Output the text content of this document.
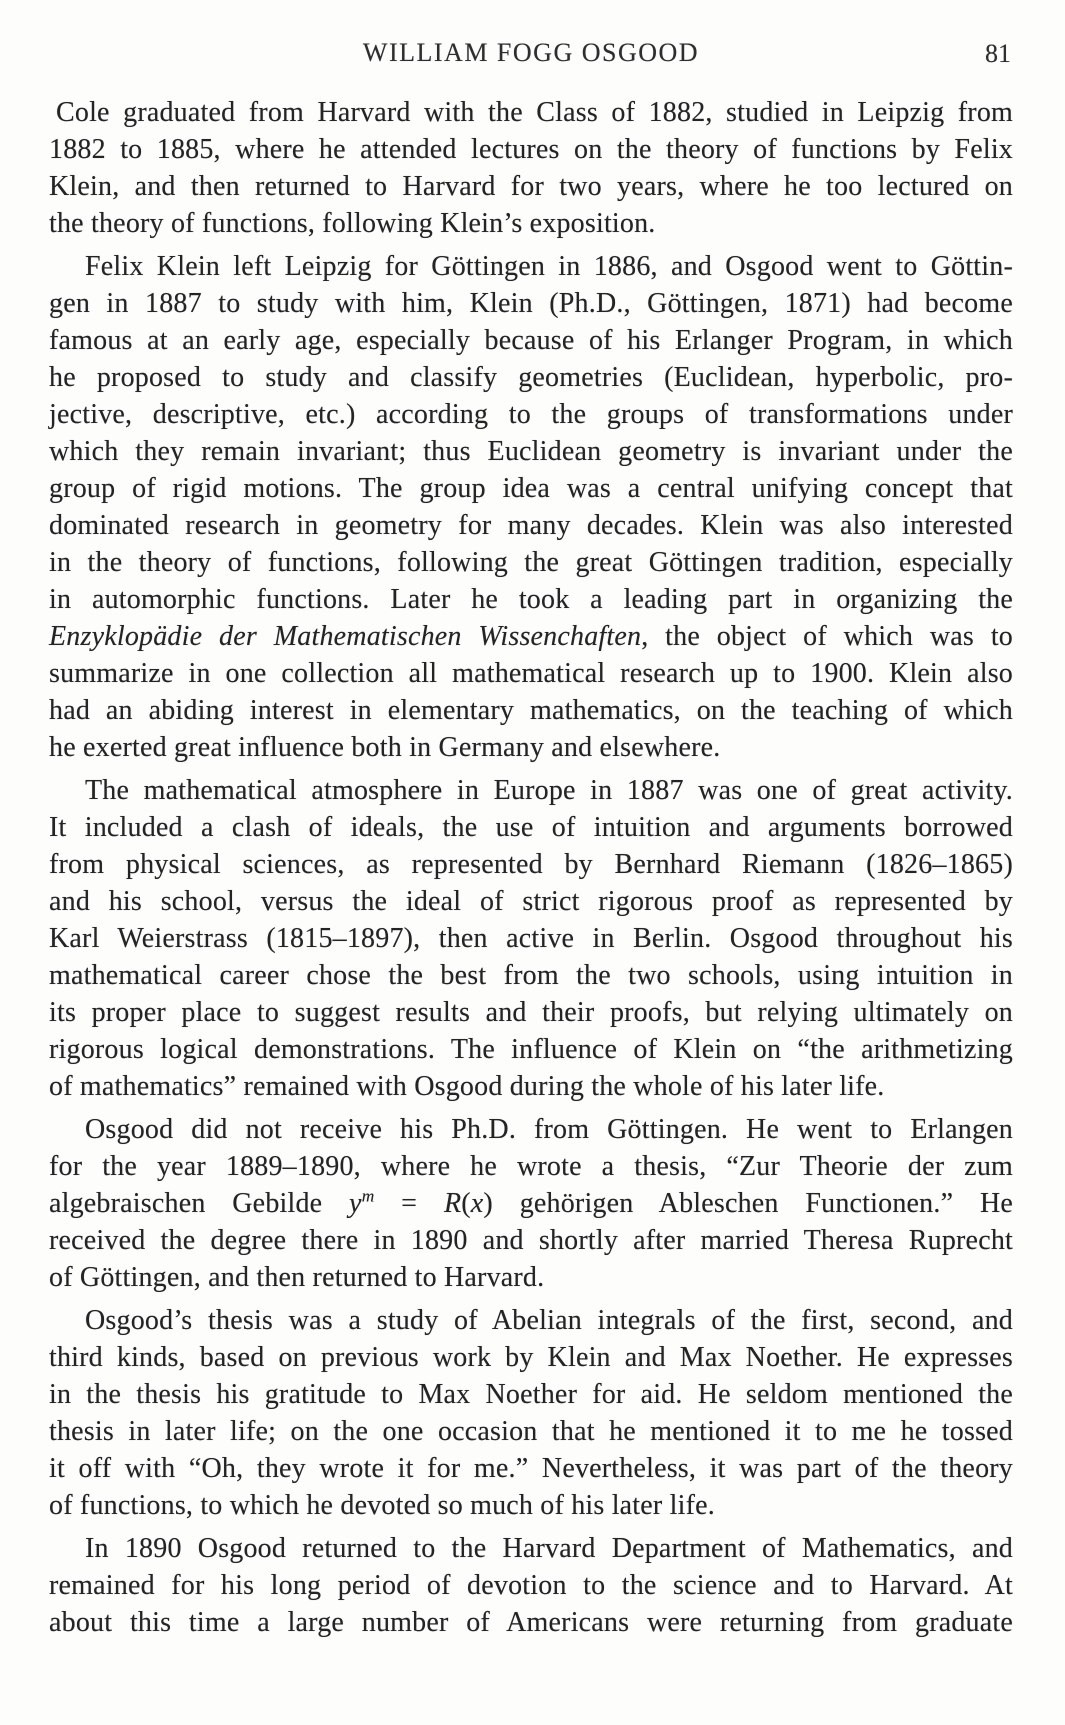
WILLIAM FOGG OSGOOD	81
Cole graduated from Harvard with the Class of 1882, studied in Leipzig from
1882 to 1885, where he attended lectures on the theory of functions by Felix
Klein, and then returned to Harvard for two years, where he too lectured on
the theory of functions, following Klein’s exposition.
Felix Klein left Leipzig for Göttingen in 1886, and Osgood went to Göttin-
gen in 1887 to study with him, Klein (Ph.D., Göttingen, 1871) had become
famous at an early age, especially because of his Erlanger Program, in which
he proposed to study and classify geometries (Euclidean, hyperbolic, pro-
jective, descriptive, etc.) according to the groups of transformations under
which they remain invariant; thus Euclidean geometry is invariant under the
group of rigid motions. The group idea was a central unifying concept that
dominated research in geometry for many decades. Klein was also interested
in the theory of functions, following the great Göttingen tradition, especially
in automorphic functions. Later he took a leading part in organizing the
Enzyklopädie der Mathematischen Wissenchaften, the object of which was to
summarize in one collection all mathematical research up to 1900. Klein also
had an abiding interest in elementary mathematics, on the teaching of which
he exerted great influence both in Germany and elsewhere.
The mathematical atmosphere in Europe in 1887 was one of great activity.
It included a clash of ideals, the use of intuition and arguments borrowed
from physical sciences, as represented by Bernhard Riemann (1826–1865)
and his school, versus the ideal of strict rigorous proof as represented by
Karl Weierstrass (1815–1897), then active in Berlin. Osgood throughout his
mathematical career chose the best from the two schools, using intuition in
its proper place to suggest results and their proofs, but relying ultimately on
rigorous logical demonstrations. The influence of Klein on “the arithmetizing
of mathematics” remained with Osgood during the whole of his later life.
Osgood did not receive his Ph.D. from Göttingen. He went to Erlangen
for the year 1889–1890, where he wrote a thesis, “Zur Theorie der zum
algebraischen Gebilde $y^m = R(x)$ gehörigen Ableschen Functionen.” He
received the degree there in 1890 and shortly after married Theresa Ruprecht
of Göttingen, and then returned to Harvard.
Osgood’s thesis was a study of Abelian integrals of the first, second, and
third kinds, based on previous work by Klein and Max Noether. He expresses
in the thesis his gratitude to Max Noether for aid. He seldom mentioned the
thesis in later life; on the one occasion that he mentioned it to me he tossed
it off with “Oh, they wrote it for me.” Nevertheless, it was part of the theory
of functions, to which he devoted so much of his later life.
In 1890 Osgood returned to the Harvard Department of Mathematics, and
remained for his long period of devotion to the science and to Harvard. At
about this time a large number of Americans were returning from graduate
